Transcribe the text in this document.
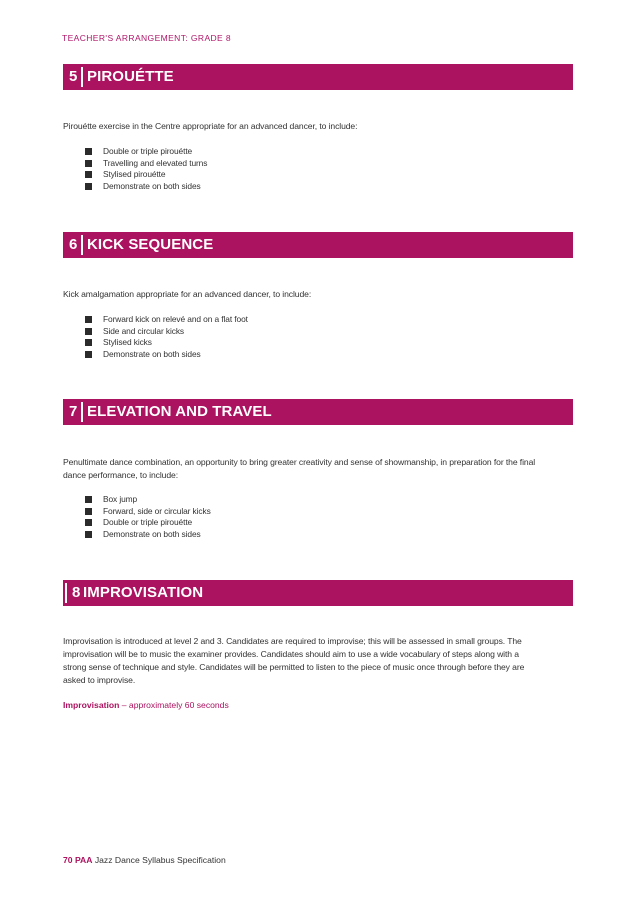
TEACHER'S ARRANGEMENT: GRADE 8
5 PIROUÉTTE
Pirouétte exercise in the Centre appropriate for an advanced dancer, to include:
Double or triple pirouétte
Travelling and elevated turns
Stylised pirouétte
Demonstrate on both sides
6 KICK SEQUENCE
Kick amalgamation appropriate for an advanced dancer, to include:
Forward kick on relevé and on a flat foot
Side and circular kicks
Stylised kicks
Demonstrate on both sides
7 ELEVATION AND TRAVEL
Penultimate dance combination, an opportunity to bring greater creativity and sense of showmanship, in preparation for the final dance performance, to include:
Box jump
Forward, side or circular kicks
Double or triple pirouétte
Demonstrate on both sides
8 IMPROVISATION
Improvisation is introduced at level 2 and 3. Candidates are required to improvise; this will be assessed in small groups. The improvisation will be to music the examiner provides. Candidates should aim to use a wide vocabulary of steps along with a strong sense of technique and style. Candidates will be permitted to listen to the piece of music once through before they are asked to improvise.
Improvisation – approximately 60 seconds
70 PAA Jazz Dance Syllabus Specification
